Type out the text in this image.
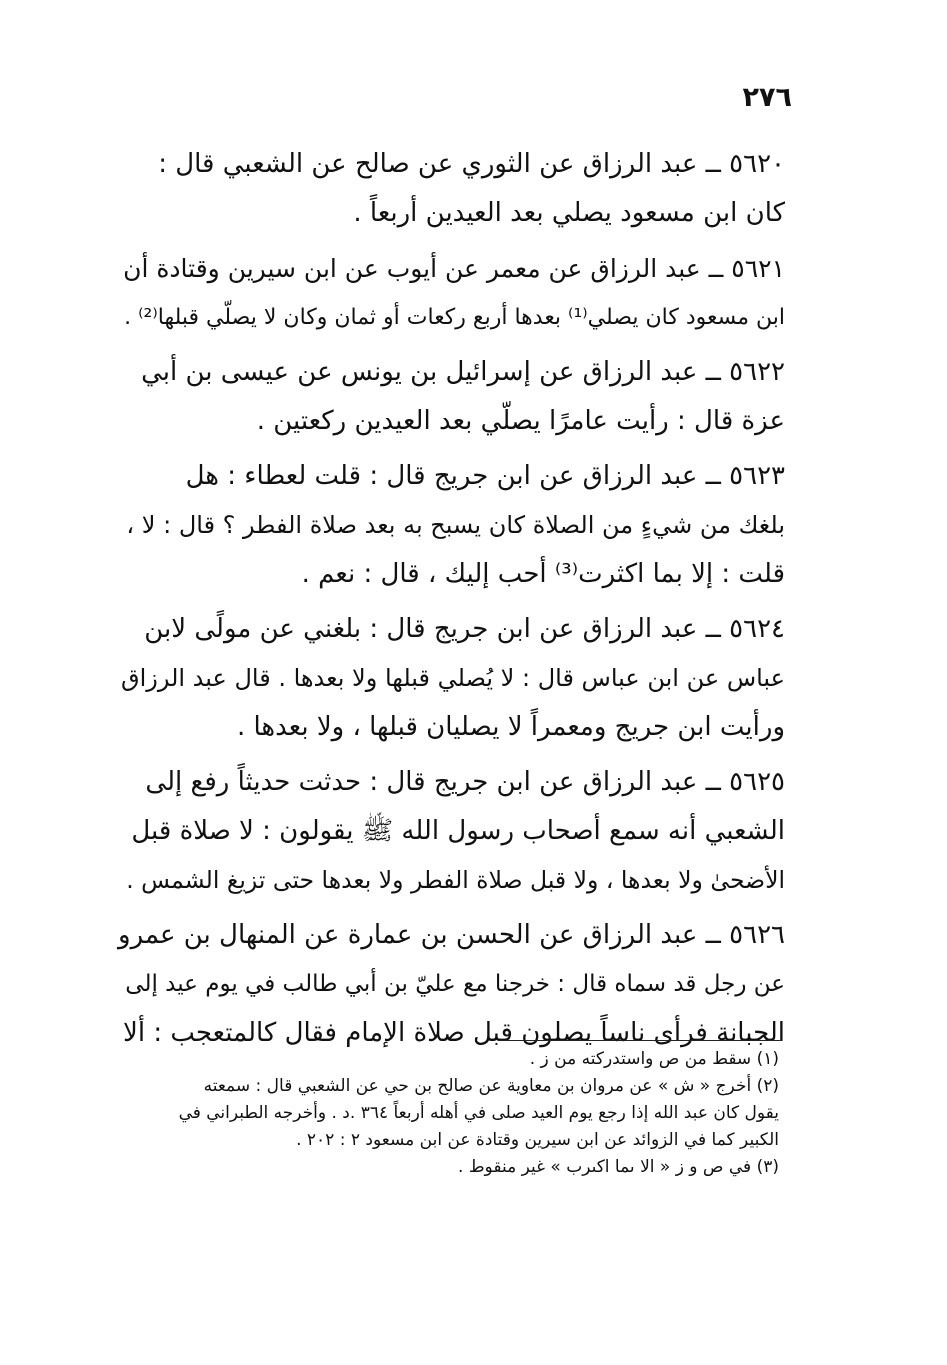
٢٧٦

٥٦٢٠ ــ عبد الرزاق عن الثوري عن صالح عن الشعبي قال :
كان ابن مسعود يصلي بعد العيدين أربعاً .

٥٦٢١ ــ عبد الرزاق عن معمر عن أيوب عن ابن سيرين وقتادة أن
ابن مسعود كان يصلي⁽¹⁾ بعدها أربع ركعات أو ثمان وكان لا يصلّي قبلها⁽²⁾ .

٥٦٢٢ ــ عبد الرزاق عن إسرائيل بن يونس عن عيسى بن أبي
عزة قال : رأيت عامرًا يصلّي بعد العيدين ركعتين .

٥٦٢٣ ــ عبد الرزاق عن ابن جريج قال : قلت لعطاء : هل
بلغك من شيءٍ من الصلاة كان يسبح به بعد صلاة الفطر ؟ قال : لا ،
قلت : إلا بما اكثرت⁽³⁾ أحب إليك ، قال : نعم .

٥٦٢٤ ــ عبد الرزاق عن ابن جريج قال : بلغني عن مولًى لابن
عباس عن ابن عباس قال : لا يُصلي قبلها ولا بعدها . قال عبد الرزاق
ورأيت ابن جريج ومعمراً لا يصليان قبلها ، ولا بعدها .

٥٦٢٥ ــ عبد الرزاق عن ابن جريج قال : حدثت حديثاً رفع إلى
الشعبي أنه سمع أصحاب رسول الله ﷺ يقولون : لا صلاة قبل
الأضحىٰ ولا بعدها ، ولا قبل صلاة الفطر ولا بعدها حتى تزيغ الشمس .

٥٦٢٦ ــ عبد الرزاق عن الحسن بن عمارة عن المنهال بن عمرو
عن رجل قد سماه قال : خرجنا مع عليّ بن أبي طالب في يوم عيد إلى
الجبانة فرأى ناساً يصلون قبل صلاة الإمام فقال كالمتعجب : ألا

(١) سقط من ص واستدركته من ز .
(٢) أخرج « ش » عن مروان بن معاوية عن صالح بن حي عن الشعبي قال : سمعته
يقول كان عبد الله إذا رجع يوم العيد صلى في أهله أربعاً ٣٦٤ .د . وأخرجه الطبراني في
الكبير كما في الزوائد عن ابن سيرين وقتادة عن ابن مسعود ٢ : ٢٠٢ .
(٣) في ص و ز « الا ىما اكىرب » غير منقوط .
